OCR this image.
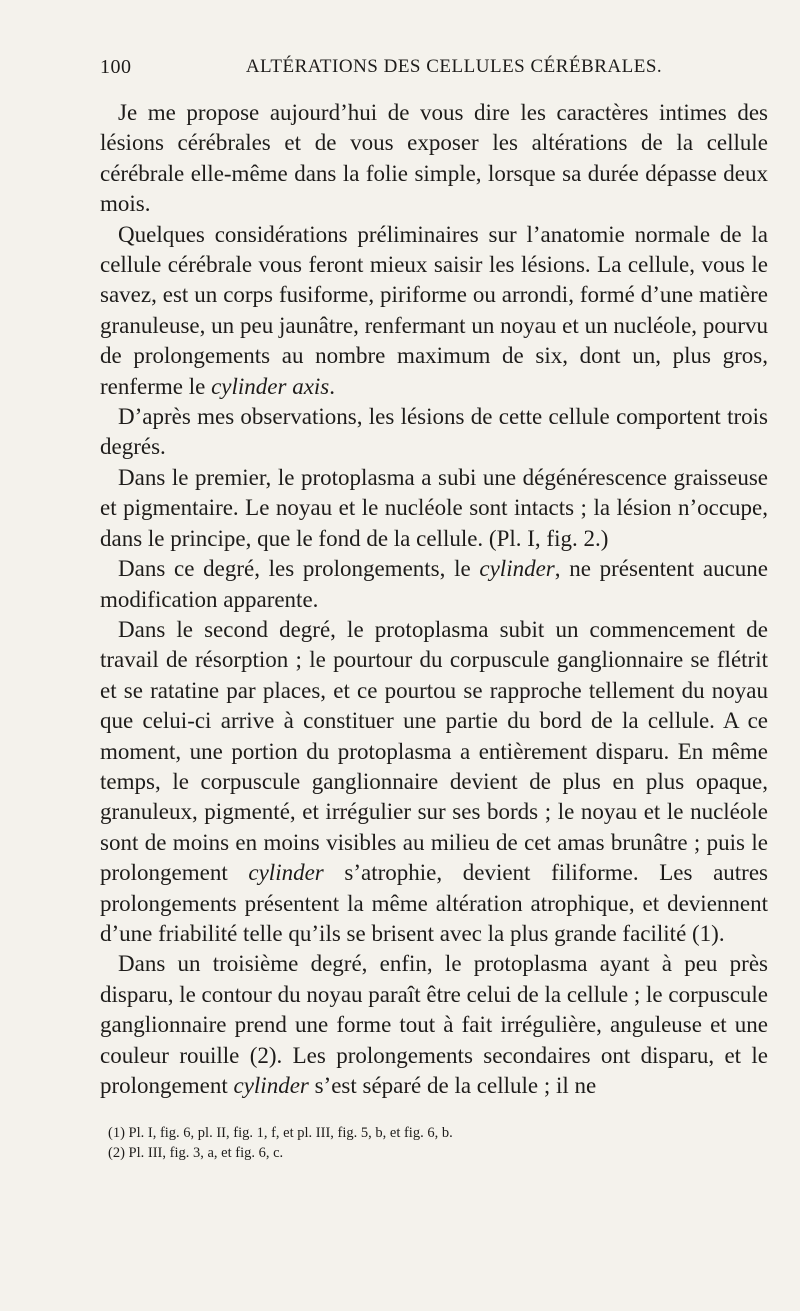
100	ALTÉRATIONS DES CELLULES CÉRÉBRALES.

Je me propose aujourd’hui de vous dire les caractères intimes des lésions cérébrales et de vous exposer les altérations de la cellule cérébrale elle-même dans la folie simple, lorsque sa durée dépasse deux mois.

Quelques considérations préliminaires sur l’anatomie normale de la cellule cérébrale vous feront mieux saisir les lésions. La cellule, vous le savez, est un corps fusiforme, piriforme ou arrondi, formé d’une matière granuleuse, un peu jaunâtre, renfermant un noyau et un nucléole, pourvu de prolongements au nombre maximum de six, dont un, plus gros, renferme le cylinder axis.

D’après mes observations, les lésions de cette cellule comportent trois degrés.

Dans le premier, le protoplasma a subi une dégénérescence graisseuse et pigmentaire. Le noyau et le nucléole sont intacts ; la lésion n’occupe, dans le principe, que le fond de la cellule. (Pl. I, fig. 2.)

Dans ce degré, les prolongements, le cylinder, ne présentent aucune modification apparente.

Dans le second degré, le protoplasma subit un commencement de travail de résorption ; le pourtour du corpuscule ganglionnaire se flétrit et se ratatine par places, et ce pourtou se rapproche tellement du noyau que celui-ci arrive à constituer une partie du bord de la cellule. A ce moment, une portion du protoplasma a entièrement disparu. En même temps, le corpuscule ganglionnaire devient de plus en plus opaque, granuleux, pigmenté, et irrégulier sur ses bords ; le noyau et le nucléole sont de moins en moins visibles au milieu de cet amas brunâtre ; puis le prolongement cylinder s’atrophie, devient filiforme. Les autres prolongements présentent la même altération atrophique, et deviennent d’une friabilité telle qu’ils se brisent avec la plus grande facilité (1).

Dans un troisième degré, enfin, le protoplasma ayant à peu près disparu, le contour du noyau paraît être celui de la cellule ; le corpuscule ganglionnaire prend une forme tout à fait irrégulière, anguleuse et une couleur rouille (2). Les prolongements secondaires ont disparu, et le prolongement cylinder s’est séparé de la cellule ; il ne

(1) Pl. I, fig. 6, pl. II, fig. 1, f, et pl. III, fig. 5, b, et fig. 6, b.

(2) Pl. III, fig. 3, a, et fig. 6, c.
